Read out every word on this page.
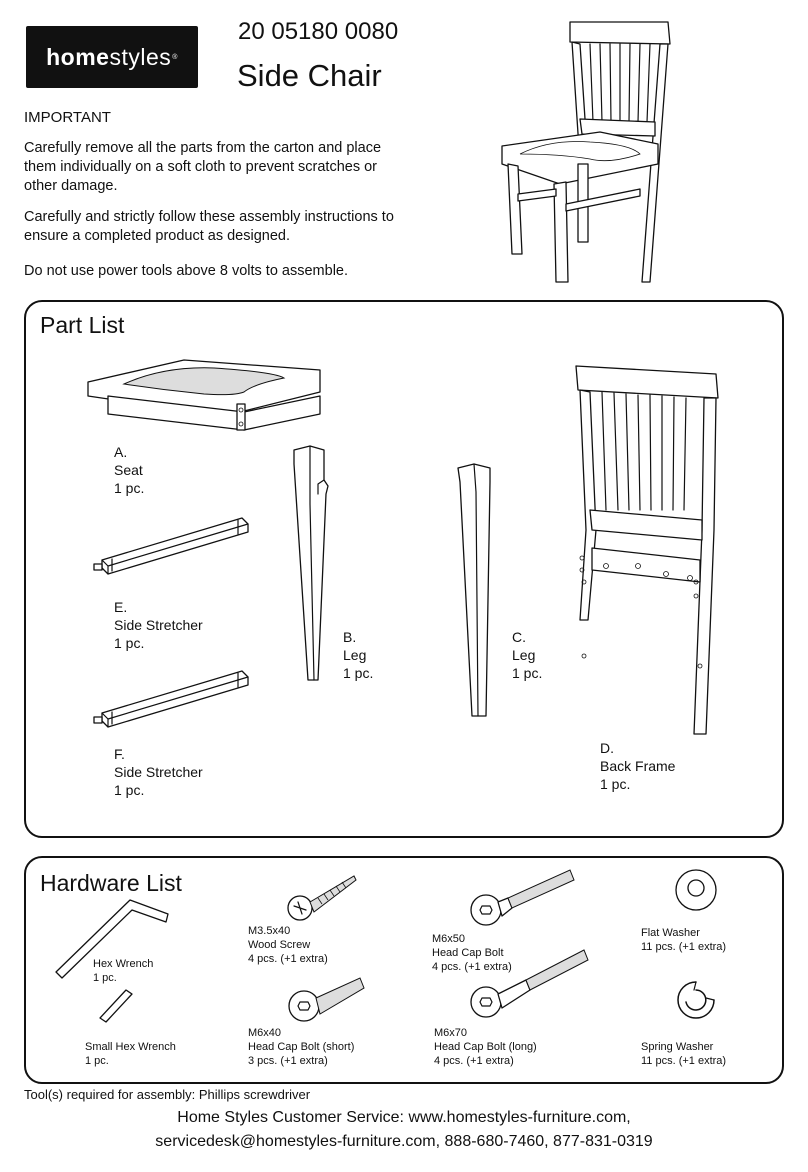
home styles ®
20 05180 0080
Side Chair
IMPORTANT
Carefully remove all the parts from the carton and place them individually on a soft cloth to prevent scratches or other damage.
Carefully and strictly follow these assembly instructions to ensure a completed product as designed.
Do not use power tools above 8 volts to assemble.
Part List
A.
Seat
1 pc.
E.
Side Stretcher
1 pc.
F.
Side Stretcher
1 pc.
B.
Leg
1 pc.
C.
Leg
1 pc.
D.
Back Frame
1 pc.
Hardware List
Hex Wrench
1 pc.
Small Hex Wrench
1 pc.
M3.5x40
Wood Screw
4 pcs. (+1 extra)
M6x40
Head Cap Bolt (short)
3 pcs. (+1 extra)
M6x50
Head Cap Bolt
4 pcs. (+1 extra)
M6x70
Head Cap Bolt (long)
4 pcs. (+1 extra)
Flat Washer
11 pcs. (+1 extra)
Spring Washer
11 pcs. (+1 extra)
Tool(s) required for assembly: Phillips screwdriver
Home Styles Customer Service: www.homestyles-furniture.com,
servicedesk@homestyles-furniture.com, 888-680-7460, 877-831-0319
